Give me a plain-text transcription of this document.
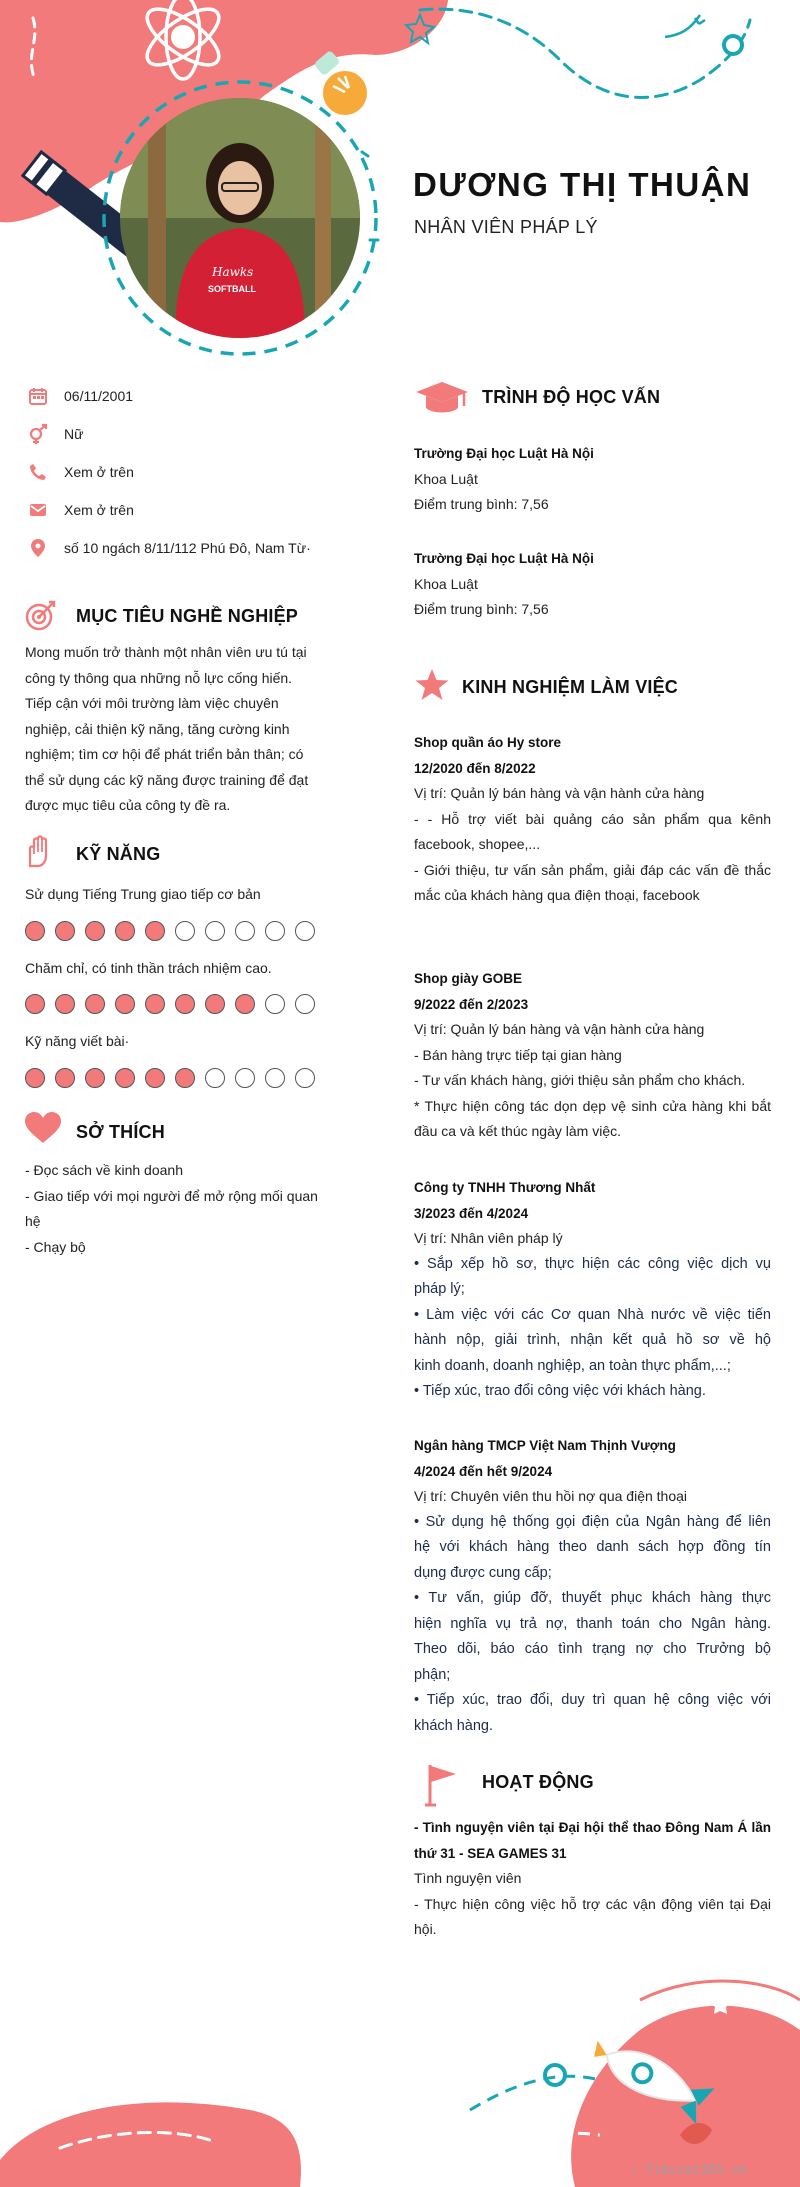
Hawks
SOFTBALL
DƯƠNG THỊ THUẬN
NHÂN VIÊN PHÁP LÝ
06/11/2001
Nữ
Xem ở trên
Xem ở trên
số 10 ngách 8/11/112 Phú Đô, Nam Từ·
MỤC TIÊU NGHỀ NGHIỆP
Mong muốn trở thành một nhân viên ưu tú tại
công ty thông qua những nỗ lực cống hiến.
Tiếp cận với môi trường làm việc chuyên
nghiệp, cải thiện kỹ năng, tăng cường kinh
nghiệm; tìm cơ hội để phát triển bản thân; có
thể sử dụng các kỹ năng được training để đạt
được mục tiêu của công ty đề ra.
KỸ NĂNG
Sử dụng Tiếng Trung giao tiếp cơ bản
Chăm chỉ, có tinh thần trách nhiệm cao.
Kỹ năng viết bài·
SỞ THÍCH
- Đọc sách về kinh doanh
- Giao tiếp với mọi người để mở rộng mối quan
hệ
- Chạy bộ
TRÌNH ĐỘ HỌC VẤN
Trường Đại học Luật Hà Nội
Khoa Luật
Điểm trung bình: 7,56
Trường Đại học Luật Hà Nội
Khoa Luật
Điểm trung bình: 7,56
KINH NGHIỆM LÀM VIỆC
Shop quần áo Hy store
12/2020 đến 8/2022
Vị trí: Quản lý bán hàng và vận hành cửa hàng
- - Hỗ trợ viết bài quảng cáo sản phẩm qua kênh
facebook, shopee,...
- Giới thiệu, tư vấn sản phẩm, giải đáp các vấn đề thắc
mắc của khách hàng qua điện thoại, facebook
Shop giày GOBE
9/2022 đến 2/2023
Vị trí: Quản lý bán hàng và vận hành cửa hàng
- Bán hàng trực tiếp tại gian hàng
- Tư vấn khách hàng, giới thiệu sản phẩm cho khách.
* Thực hiện công tác dọn dẹp vệ sinh cửa hàng khi bắt
đầu ca và kết thúc ngày làm việc.
Công ty TNHH Thương Nhất
3/2023 đến 4/2024
Vị trí: Nhân viên pháp lý
• Sắp xếp hồ sơ, thực hiện các công việc dịch vụ
pháp lý;
• Làm việc với các Cơ quan Nhà nước về việc tiến
hành nộp, giải trình, nhận kết quả hồ sơ về hộ
kinh doanh, doanh nghiệp, an toàn thực phẩm,...;
• Tiếp xúc, trao đổi công việc với khách hàng.
Ngân hàng TMCP Việt Nam Thịnh Vượng
4/2024 đến hết 9/2024
Vị trí: Chuyên viên thu hồi nợ qua điện thoại
• Sử dụng hệ thống gọi điện của Ngân hàng để liên
hệ với khách hàng theo danh sách hợp đồng tín
dụng được cung cấp;
• Tư vấn, giúp đỡ, thuyết phục khách hàng thực
hiện nghĩa vụ trả nợ, thanh toán cho Ngân hàng.
Theo dõi, báo cáo tình trạng nợ cho Trưởng bộ
phận;
• Tiếp xúc, trao đổi, duy trì quan hệ công việc với
khách hàng.
HOẠT ĐỘNG
- Tình nguyện viên tại Đại hội thể thao Đông Nam Á lần
thứ 31 - SEA GAMES 31
Tình nguyện viên
- Thực hiện công việc hỗ trợ các vận động viên tại Đại
hội.
∴ Timviec365.vn
